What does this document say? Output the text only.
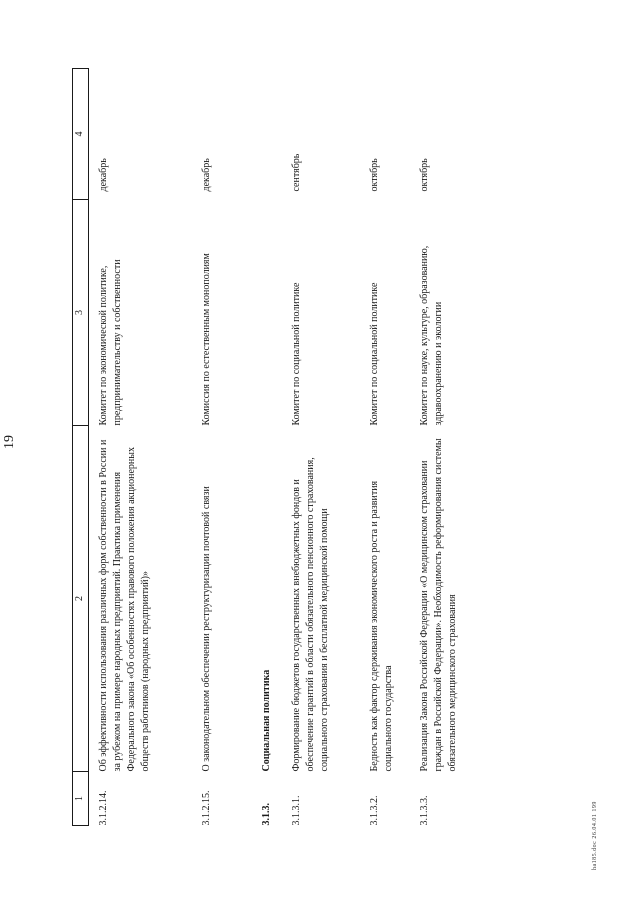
19
1	2	3	4
3.1.2.14.	Об эффективности использования различных форм собственности в России и за рубежом на примере народных предприятий. Практика применения Федерального закона «Об особенностях правового положения акционерных обществ работников (народных предприятий)»	Комитет по экономической политике, предпринимательству и собственности	декабрь
3.1.2.15.	О законодательном обеспечении реструктуризации почтовой связи	Комиссия по естественным монополиям	декабрь
3.1.3.	Социальная политика		
3.1.3.1.	Формирование бюджетов государственных внебюджетных фондов и обеспечение гарантий в области обязательного пенсионного страхования, социального страхования и бесплатной медицинской помощи	Комитет по социальной политике	сентябрь
3.1.3.2.	Бедность как фактор сдерживания экономического роста и развития социального государства	Комитет по социальной политике	октябрь
3.1.3.3.	Реализация Закона Российской Федерации «О медицинском страховании граждан в Российской Федерации». Необходимость реформирования системы обязательного медицинского страхования	Комитет по науке, культуре, образованию, здравоохранению и экологии	октябрь
hа185.doc 26.04.01 199
